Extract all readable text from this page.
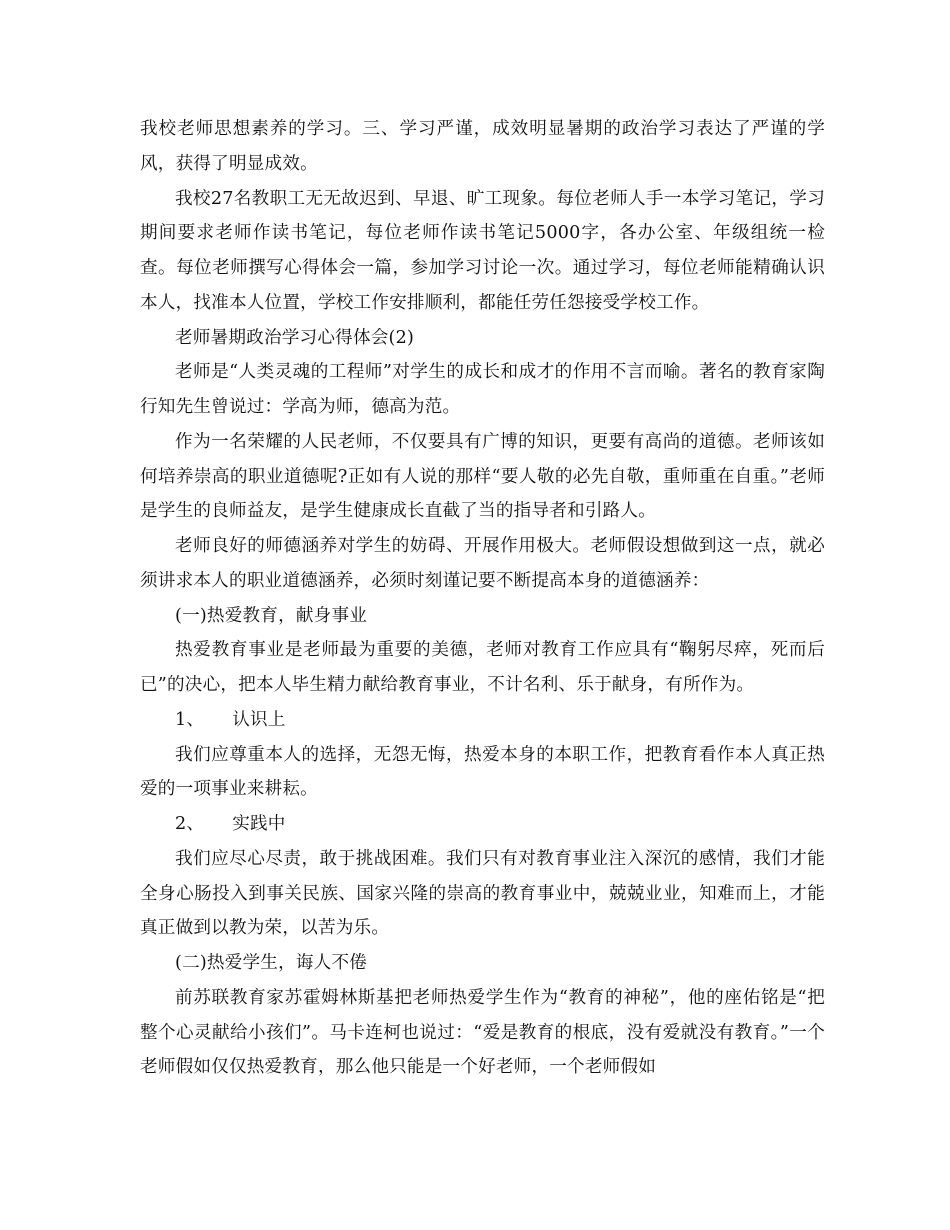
我校老师思想素养的学习。三、学习严谨，成效明显暑期的政治学习表达了严谨的学风，获得了明显成效。

我校27名教职工无无故迟到、早退、旷工现象。每位老师人手一本学习笔记，学习期间要求老师作读书笔记，每位老师作读书笔记5000字，各办公室、年级组统一检查。每位老师撰写心得体会一篇，参加学习讨论一次。通过学习，每位老师能精确认识本人，找准本人位置，学校工作安排顺利，都能任劳任怨接受学校工作。

老师暑期政治学习心得体会(2)

老师是“人类灵魂的工程师”对学生的成长和成才的作用不言而喻。著名的教育家陶行知先生曾说过：学高为师，德高为范。

作为一名荣耀的人民老师，不仅要具有广博的知识，更要有高尚的道德。老师该如何培养崇高的职业道德呢?正如有人说的那样“要人敬的必先自敬，重师重在自重。”老师是学生的良师益友，是学生健康成长直截了当的指导者和引路人。

老师良好的师德涵养对学生的妨碍、开展作用极大。老师假设想做到这一点，就必须讲求本人的职业道德涵养，必须时刻谨记要不断提高本身的道德涵养：

(一)热爱教育，献身事业

热爱教育事业是老师最为重要的美德，老师对教育工作应具有“鞠躬尽瘁，死而后已”的决心，把本人毕生精力献给教育事业，不计名利、乐于献身，有所作为。

1、 认识上

我们应尊重本人的选择，无怨无悔，热爱本身的本职工作，把教育看作本人真正热爱的一项事业来耕耘。

2、 实践中

我们应尽心尽责，敢于挑战困难。我们只有对教育事业注入深沉的感情，我们才能全身心肠投入到事关民族、国家兴隆的崇高的教育事业中，兢兢业业，知难而上，才能真正做到以教为荣，以苦为乐。

(二)热爱学生，诲人不倦

前苏联教育家苏霍姆林斯基把老师热爱学生作为“教育的神秘”，他的座佑铭是“把整个心灵献给小孩们”。马卡连柯也说过：“爱是教育的根底，没有爱就没有教育。”一个老师假如仅仅热爱教育，那么他只能是一个好老师，一个老师假如
